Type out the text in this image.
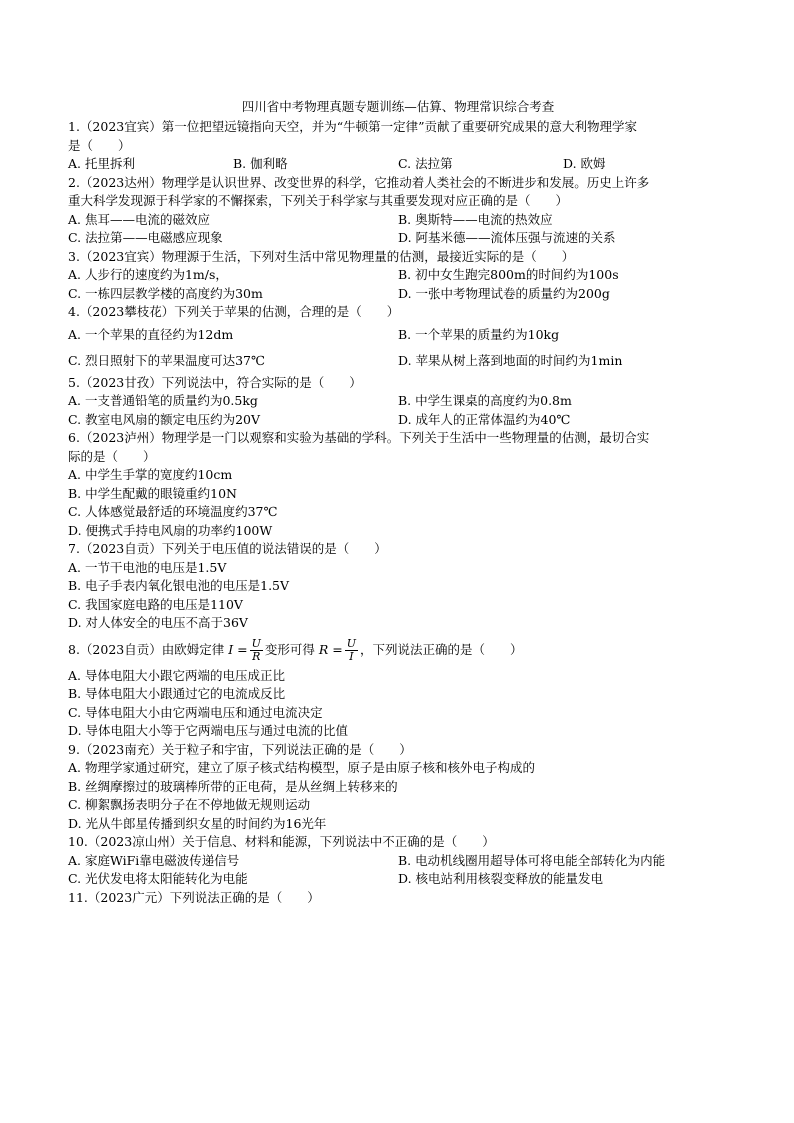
四川省中考物理真题专题训练—估算、物理常识综合考查
1.（2023宜宾）第一位把望远镜指向天空，并为“牛顿第一定律”贡献了重要研究成果的意大利物理学家
是（　　）
A. 托里拆利	B. 伽利略	C. 法拉第	D. 欧姆
2.（2023达州）物理学是认识世界、改变世界的科学，它推动着人类社会的不断进步和发展。历史上许多
重大科学发现源于科学家的不懈探索，下列关于科学家与其重要发现对应正确的是（　　）
A. 焦耳——电流的磁效应	B. 奥斯特——电流的热效应
C. 法拉第——电磁感应现象	D. 阿基米德——流体压强与流速的关系
3.（2023宜宾）物理源于生活，下列对生活中常见物理量的估测，最接近实际的是（　　）
A. 人步行的速度约为1m/s，	B. 初中女生跑完800m的时间约为100s
C. 一栋四层教学楼的高度约为30m	D. 一张中考物理试卷的质量约为200g
4.（2023攀枝花）下列关于苹果的估测，合理的是（　　）
A. 一个苹果的直径约为12dm	B. 一个苹果的质量约为10kg
C. 烈日照射下的苹果温度可达37℃	D. 苹果从树上落到地面的时间约为1min
5.（2023甘孜）下列说法中，符合实际的是（　　）
A. 一支普通铅笔的质量约为0.5kg	B. 中学生课桌的高度约为0.8m
C. 教室电风扇的额定电压约为20V	D. 成年人的正常体温约为40℃
6.（2023泸州）物理学是一门以观察和实验为基础的学科。下列关于生活中一些物理量的估测，最切合实
际的是（　　）
A. 中学生手掌的宽度约10cm
B. 中学生配戴的眼镜重约10N
C. 人体感觉最舒适的环境温度约37℃
D. 便携式手持电风扇的功率约100W
7.（2023自贡）下列关于电压值的说法错误的是（　　）
A. 一节干电池的电压是1.5V
B. 电子手表内氧化银电池的电压是1.5V
C. 我国家庭电路的电压是110V
D. 对人体安全的电压不高于36V
8.（2023自贡）由欧姆定律 $I = \frac{U}{R}$ 变形可得 $R = \frac{U}{I}$ ，下列说法正确的是（　　）
A. 导体电阻大小跟它两端的电压成正比
B. 导体电阻大小跟通过它的电流成反比
C. 导体电阻大小由它两端电压和通过电流决定
D. 导体电阻大小等于它两端电压与通过电流的比值
9.（2023南充）关于粒子和宇宙，下列说法正确的是（　　）
A. 物理学家通过研究，建立了原子核式结构模型，原子是由原子核和核外电子构成的
B. 丝绸摩擦过的玻璃棒所带的正电荷，是从丝绸上转移来的
C. 柳絮飘扬表明分子在不停地做无规则运动
D. 光从牛郎星传播到织女星的时间约为16光年
10.（2023凉山州）关于信息、材料和能源，下列说法中不正确的是（　　）
A. 家庭WiFi靠电磁波传递信号	B. 电动机线圈用超导体可将电能全部转化为内能
C. 光伏发电将太阳能转化为电能	D. 核电站利用核裂变释放的能量发电
11.（2023广元）下列说法正确的是（　　）
